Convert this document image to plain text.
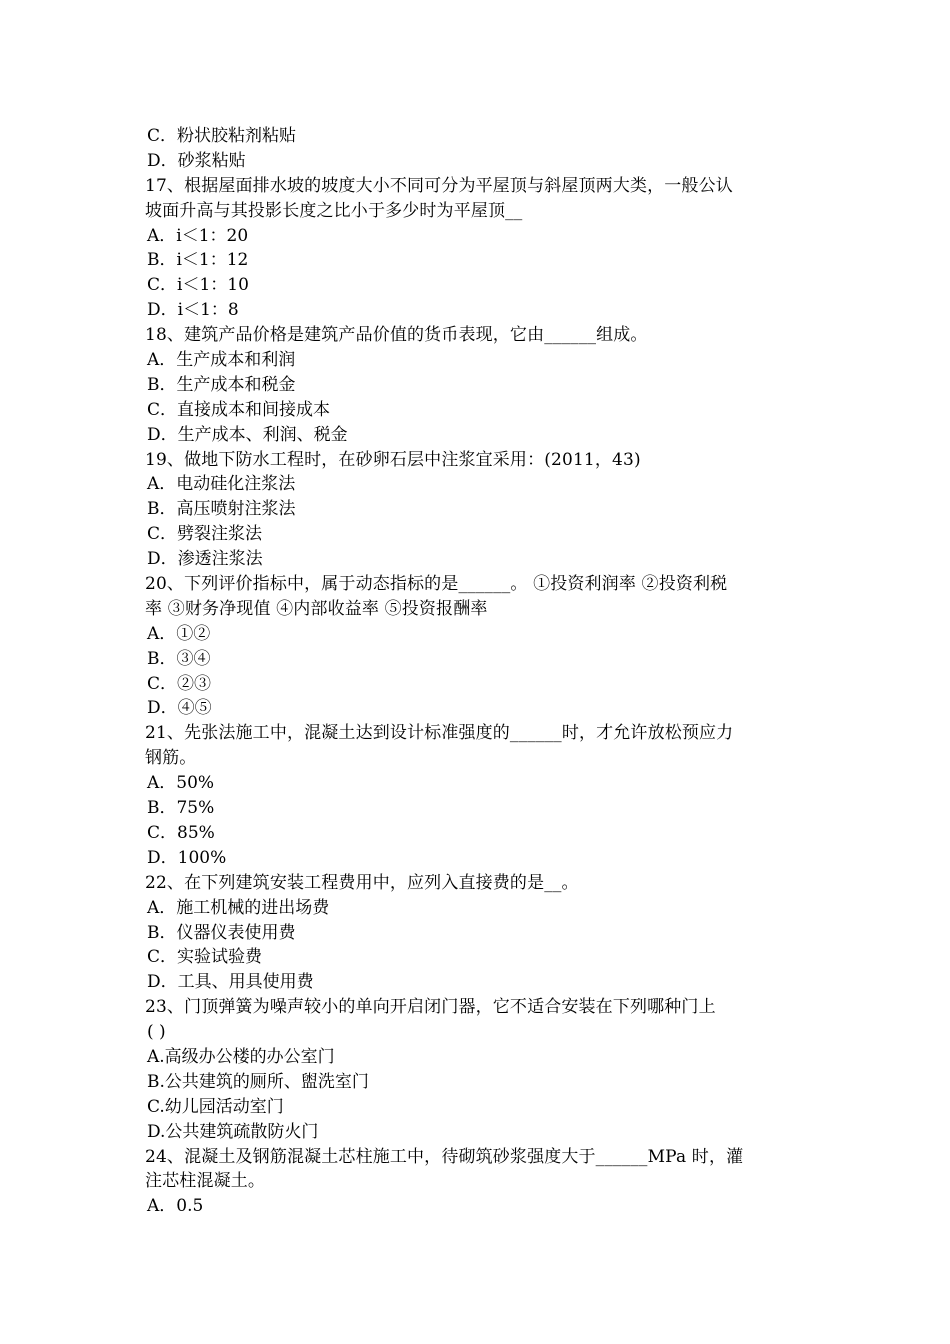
C．粉状胶粘剂粘贴
D．砂浆粘贴
17、根据屋面排水坡的坡度大小不同可分为平屋顶与斜屋顶两大类，一般公认
坡面升高与其投影长度之比小于多少时为平屋顶__
A．i＜1：20
B．i＜1：12
C．i＜1：10
D．i＜1：8
18、建筑产品价格是建筑产品价值的货币表现，它由______组成。
A．生产成本和利润
B．生产成本和税金
C．直接成本和间接成本
D．生产成本、利润、税金
19、做地下防水工程时，在砂卵石层中注浆宜采用：(2011，43)
A．电动硅化注浆法
B．高压喷射注浆法
C．劈裂注浆法
D．渗透注浆法
20、下列评价指标中，属于动态指标的是______。 ①投资利润率 ②投资利税
率 ③财务净现值 ④内部收益率 ⑤投资报酬率
A．①②
B．③④
C．②③
D．④⑤
21、先张法施工中，混凝土达到设计标准强度的______时，才允许放松预应力
钢筋。
A．50%
B．75%
C．85%
D．100%
22、在下列建筑安装工程费用中，应列入直接费的是__。
A．施工机械的进出场费
B．仪器仪表使用费
C．实验试验费
D．工具、用具使用费
23、门顶弹簧为噪声较小的单向开启闭门器，它不适合安装在下列哪种门上
( )
A.高级办公楼的办公室门
B.公共建筑的厕所、盥洗室门
C.幼儿园活动室门
D.公共建筑疏散防火门
24、混凝土及钢筋混凝土芯柱施工中，待砌筑砂浆强度大于______MPa 时，灌
注芯柱混凝土。
A．0.5
